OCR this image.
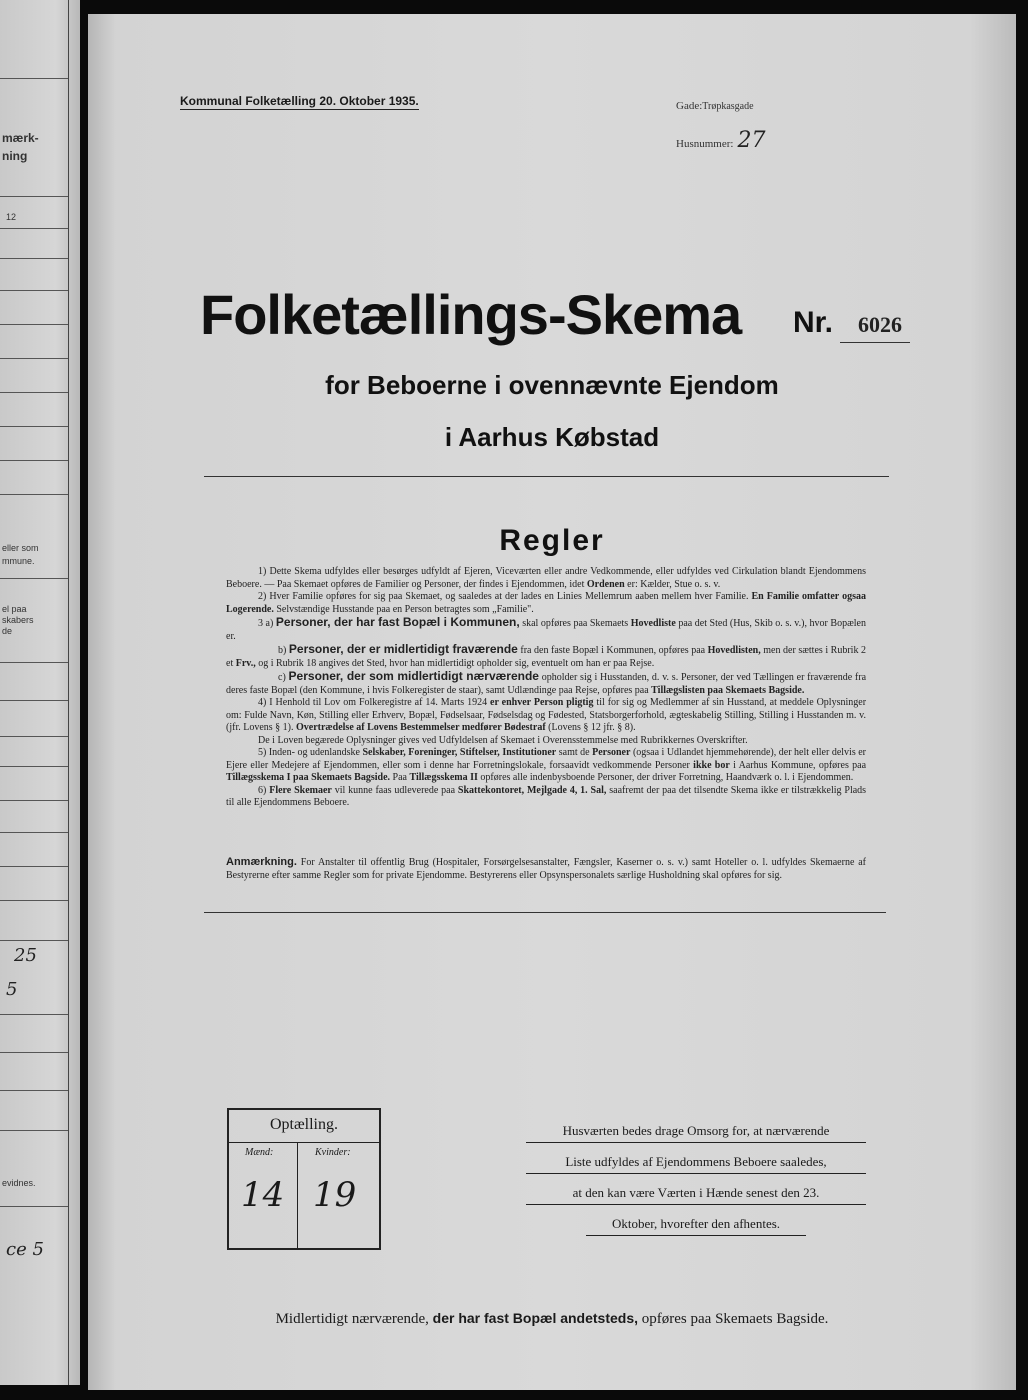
mærk-
ning
12
eller som
mmune.
el paa
skabers
de
25
5
evidnes.
ce 5
Kommunal Folketælling 20. Oktober 1935.	Gade:Trøpkasgade
Husnummer: 27
Folketællings-Skema Nr. 6026
for Beboerne i ovennævnte Ejendom
i Aarhus Købstad
Regler

1) Dette Skema udfyldes eller besørges udfyldt af Ejeren, Viceværten eller andre Vedkommende, eller udfyldes ved Cirkulation blandt Ejendommens Beboere. — Paa Skemaet opføres de Familier og Personer, der findes i Ejendommen, idet Ordenen er: Kælder, Stue o. s. v.

2) Hver Familie opføres for sig paa Skemaet, og saaledes at der lades en Linies Mellemrum aaben mellem hver Familie. En Familie omfatter ogsaa Logerende. Selvstændige Husstande paa en Person betragtes som „Familie".

3 a) Personer, der har fast Bopæl i Kommunen, skal opføres paa Skemaets Hovedliste paa det Sted (Hus, Skib o. s. v.), hvor Bopælen er.

b) Personer, der er midlertidigt fraværende fra den faste Bopæl i Kommunen, opføres paa Hovedlisten, men der sættes i Rubrik 2 et Frv., og i Rubrik 18 angives det Sted, hvor han midlertidigt opholder sig, eventuelt om han er paa Rejse.

c) Personer, der som midlertidigt nærværende opholder sig i Husstanden, d. v. s. Personer, der ved Tællingen er fraværende fra deres faste Bopæl (den Kommune, i hvis Folkeregister de staar), samt Udlændinge paa Rejse, opføres paa Tillægslisten paa Skemaets Bagside.

4) I Henhold til Lov om Folkeregistre af 14. Marts 1924 er enhver Person pligtig til for sig og Medlemmer af sin Husstand, at meddele Oplysninger om: Fulde Navn, Køn, Stilling eller Erhverv, Bopæl, Fødselsaar, Fødselsdag og Fødested, Statsborgerforhold, ægteskabelig Stilling, Stilling i Husstanden m. v. (jfr. Lovens § 1). Overtrædelse af Lovens Bestemmelser medfører Bødestraf (Lovens § 12 jfr. § 8).

De i Loven begærede Oplysninger gives ved Udfyldelsen af Skemaet i Overensstemmelse med Rubrikkernes Overskrifter.

5) Inden- og udenlandske Selskaber, Foreninger, Stiftelser, Institutioner samt de Personer (ogsaa i Udlandet hjemmehørende), der helt eller delvis er Ejere eller Medejere af Ejendommen, eller som i denne har Forretningslokale, forsaavidt vedkommende Personer ikke bor i Aarhus Kommune, opføres paa Tillægsskema I paa Skemaets Bagside. Paa Tillægsskema II opføres alle indenbysboende Personer, der driver Forretning, Haandværk o. l. i Ejendommen.

6) Flere Skemaer vil kunne faas udleverede paa Skattekontoret, Mejlgade 4, 1. Sal, saafremt der paa det tilsendte Skema ikke er tilstrækkelig Plads til alle Ejendommens Beboere.

Anmærkning. For Anstalter til offentlig Brug (Hospitaler, Forsørgelsesanstalter, Fængsler, Kaserner o. s. v.) samt Hoteller o. l. udfyldes Skemaerne af Bestyrerne efter samme Regler som for private Ejendomme. Bestyrerens eller Opsynspersonalets særlige Husholdning skal opføres for sig.
Optælling.
Mænd:	Kvinder:
14 19
Husværten bedes drage Omsorg for, at nærværende
Liste udfyldes af Ejendommens Beboere saaledes,
at den kan være Værten i Hænde senest den 23.
Oktober, hvorefter den afhentes.
Midlertidigt nærværende, der har fast Bopæl andetsteds, opføres paa Skemaets Bagside.
